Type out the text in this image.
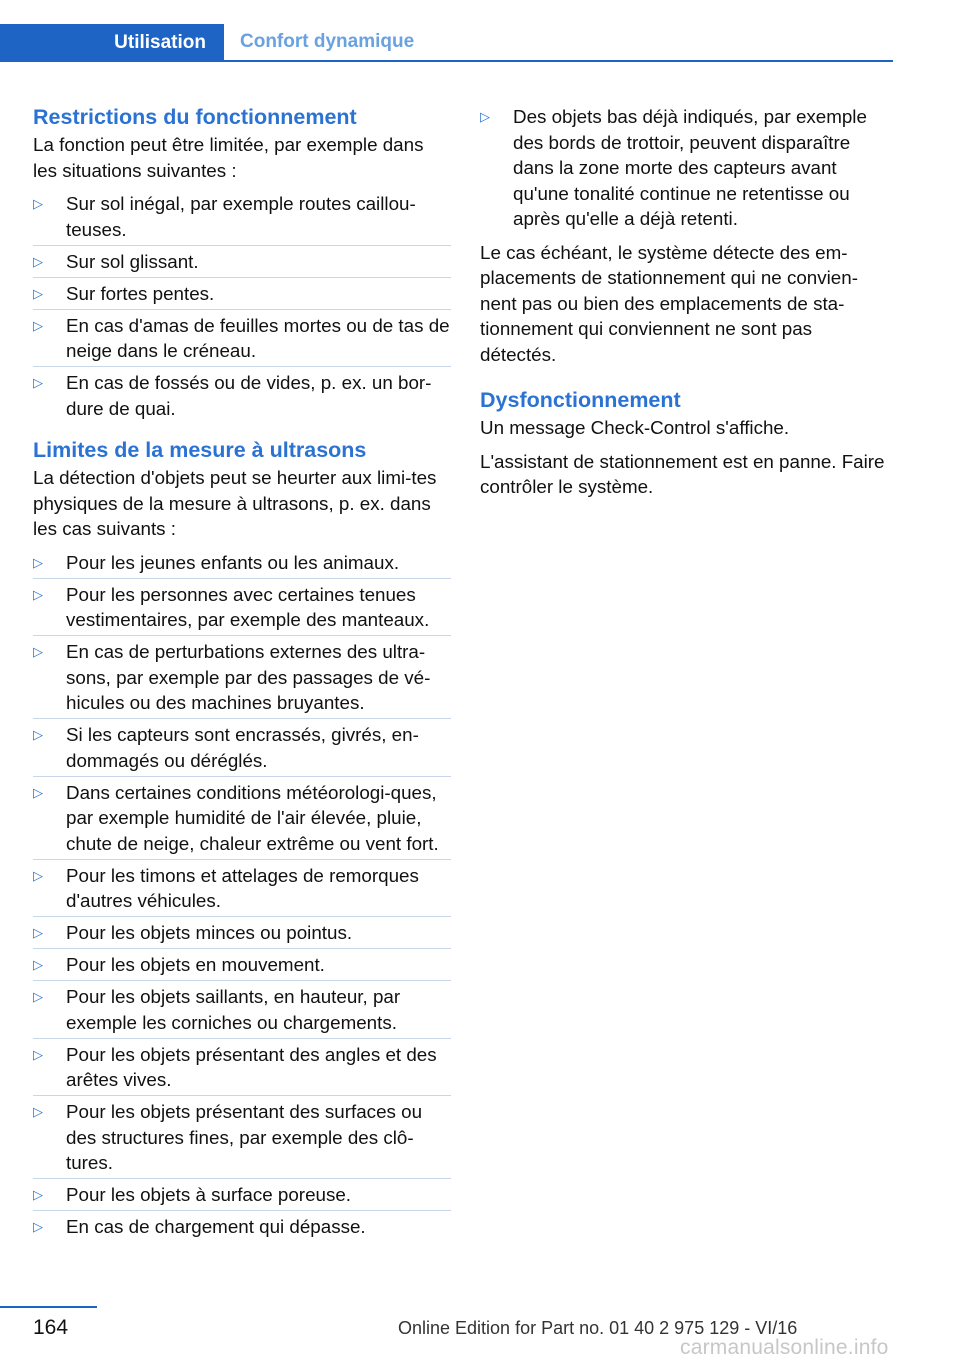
Utilisation	Confort dynamique
Restrictions du fonctionnement

La fonction peut être limitée, par exemple dans les situations suivantes :

▷ Sur sol inégal, par exemple routes caillou‐teuses.
▷ Sur sol glissant.
▷ Sur fortes pentes.
▷ En cas d'amas de feuilles mortes ou de tas de neige dans le créneau.
▷ En cas de fossés ou de vides, p. ex. un bor‐dure de quai.
Limites de la mesure à ultrasons

La détection d'objets peut se heurter aux limi‐tes physiques de la mesure à ultrasons, p. ex. dans les cas suivants :

▷ Pour les jeunes enfants ou les animaux.
▷ Pour les personnes avec certaines tenues vestimentaires, par exemple des manteaux.
▷ En cas de perturbations externes des ultra‐sons, par exemple par des passages de vé‐hicules ou des machines bruyantes.
▷ Si les capteurs sont encrassés, givrés, en‐dommagés ou déréglés.
▷ Dans certaines conditions météorologi‐ques, par exemple humidité de l'air élevée, pluie, chute de neige, chaleur extrême ou vent fort.
▷ Pour les timons et attelages de remorques d'autres véhicules.
▷ Pour les objets minces ou pointus.
▷ Pour les objets en mouvement.
▷ Pour les objets saillants, en hauteur, par exemple les corniches ou chargements.
▷ Pour les objets présentant des angles et des arêtes vives.
▷ Pour les objets présentant des surfaces ou des structures fines, par exemple des clô‐tures.
▷ Pour les objets à surface poreuse.
▷ En cas de chargement qui dépasse.
▷ Des objets bas déjà indiqués, par exemple des bords de trottoir, peuvent disparaître dans la zone morte des capteurs avant qu'une tonalité continue ne retentisse ou après qu'elle a déjà retenti.

Le cas échéant, le système détecte des em‐placements de stationnement qui ne convien‐nent pas ou bien des emplacements de sta‐tionnement qui conviennent ne sont pas détectés.

Dysfonctionnement

Un message Check-Control s'affiche.

L'assistant de stationnement est en panne. Faire contrôler le système.

164	Online Edition for Part no. 01 40 2 975 129 - VI/16
carmanualsonline.info
